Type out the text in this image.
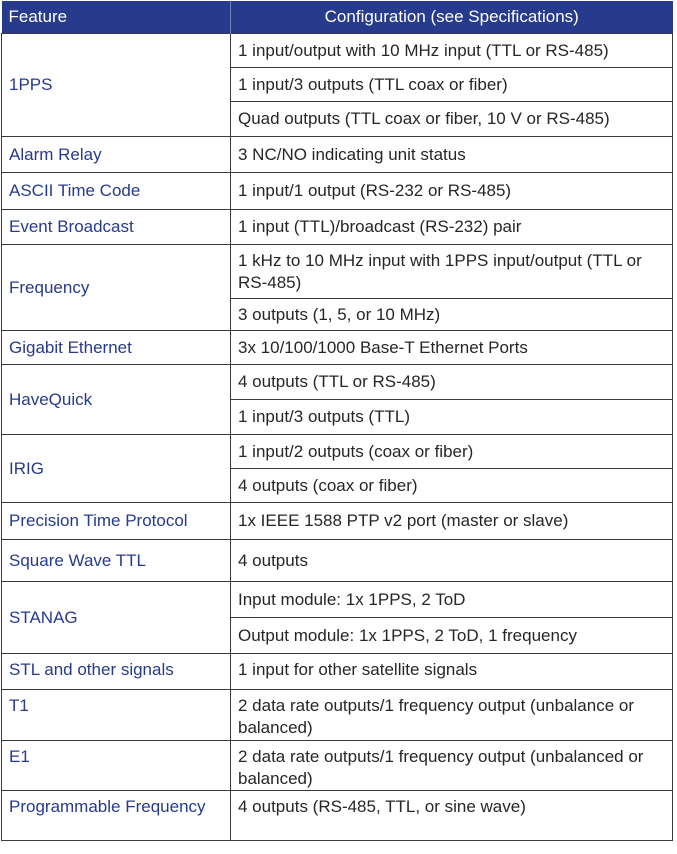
Feature	Configuration (see Specifications)
1PPS	1 input/output with 10 MHz input (TTL or RS-485)
	1 input/3 outputs (TTL coax or fiber)
	Quad outputs (TTL coax or fiber, 10 V or RS-485)
Alarm Relay	3 NC/NO indicating unit status
ASCII Time Code	1 input/1 output (RS-232 or RS-485)
Event Broadcast	1 input (TTL)/broadcast (RS-232) pair
Frequency	1 kHz to 10 MHz input with 1PPS input/output (TTL or RS-485)
	3 outputs (1, 5, or 10 MHz)
Gigabit Ethernet	3x 10/100/1000 Base-T Ethernet Ports
HaveQuick	4 outputs (TTL or RS-485)
	1 input/3 outputs (TTL)
IRIG	1 input/2 outputs (coax or fiber)
	4 outputs (coax or fiber)
Precision Time Protocol	1x IEEE 1588 PTP v2 port (master or slave)
Square Wave TTL	4 outputs
STANAG	Input module: 1x 1PPS, 2 ToD
	Output module: 1x 1PPS, 2 ToD, 1 frequency
STL and other signals	1 input for other satellite signals
T1	2 data rate outputs/1 frequency output (unbalance or balanced)
E1	2 data rate outputs/1 frequency output (unbalanced or balanced)
Programmable Frequency	4 outputs (RS-485, TTL, or sine wave)
